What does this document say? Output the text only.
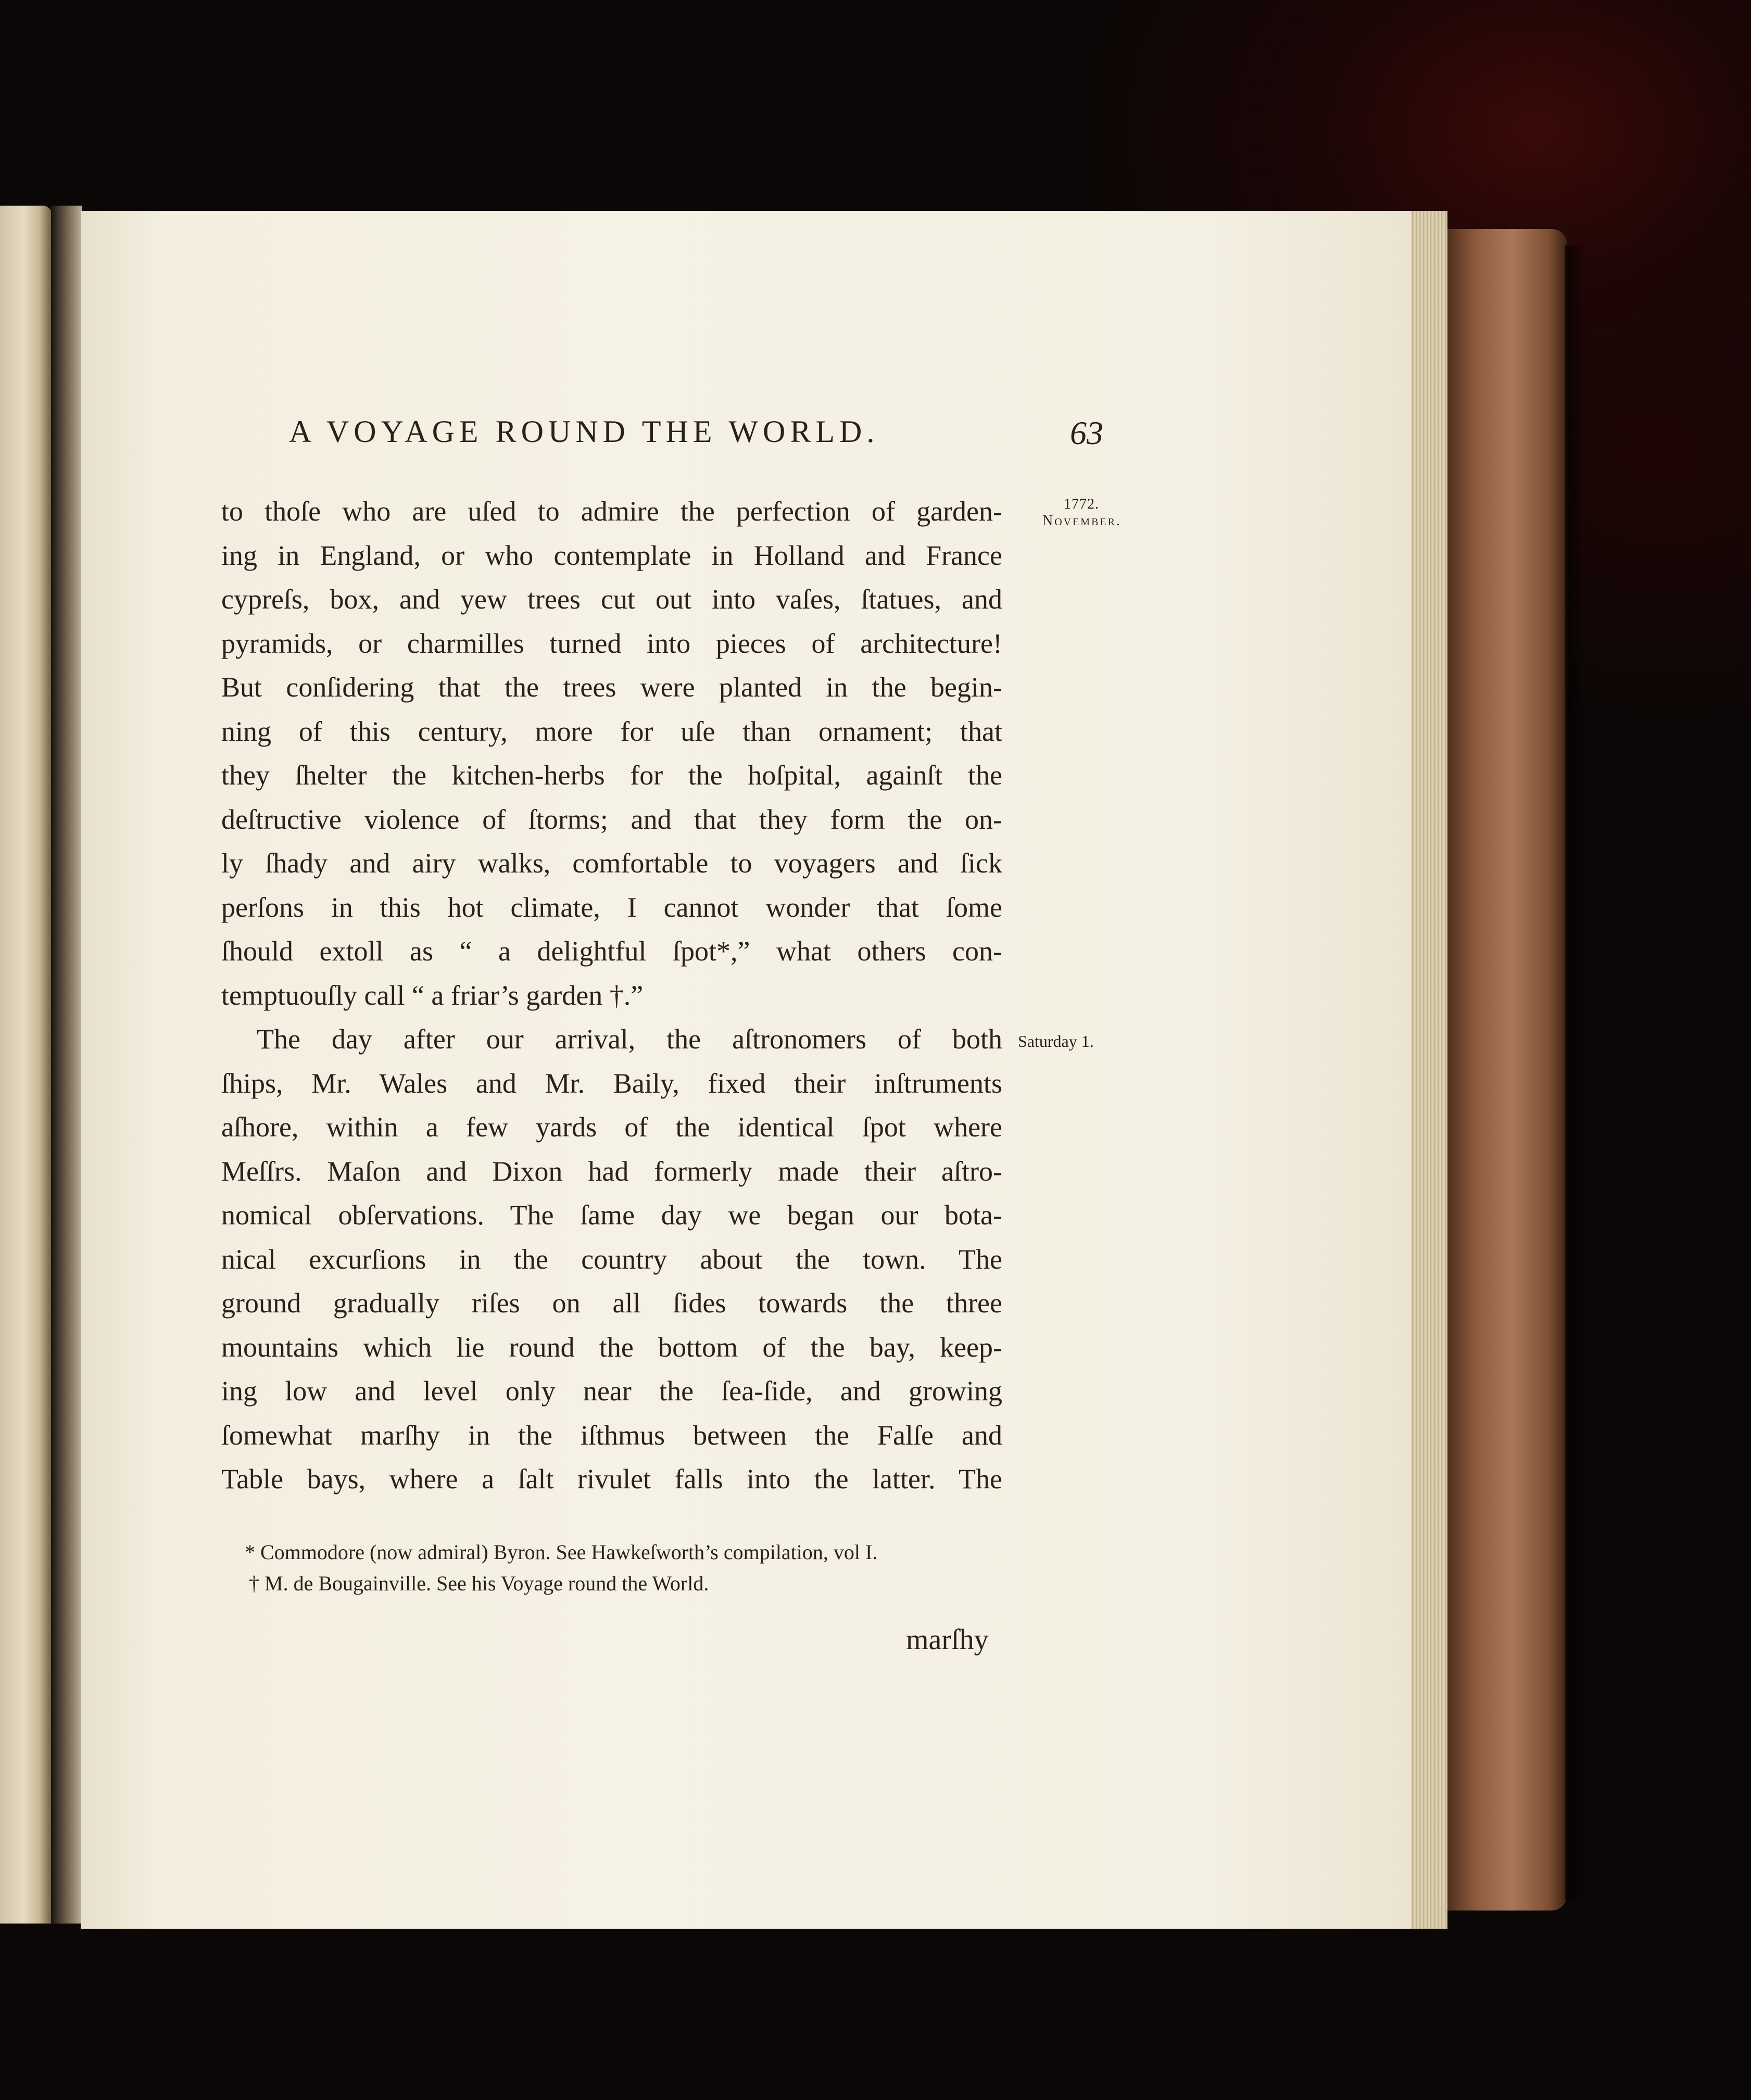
A VOYAGE ROUND THE WORLD.	63
1772.
November.
Saturday 1.
to thoſe who are uſed to admire the perfection of garden-
ing in England, or who contemplate in Holland and France
cypreſs, box, and yew trees cut out into vaſes, ſtatues, and
pyramids, or charmilles turned into pieces of architecture!
But conſidering that the trees were planted in the begin-
ning of this century, more for uſe than ornament; that
they ſhelter the kitchen-herbs for the hoſpital, againſt the
deſtructive violence of ſtorms; and that they form the on-
ly ſhady and airy walks, comfortable to voyagers and ſick
perſons in this hot climate, I cannot wonder that ſome
ſhould extoll as “ a delightful ſpot*,” what others con-
temptuouſly call “ a friar’s garden †.”
The day after our arrival, the aſtronomers of both
ſhips, Mr. Wales and Mr. Baily, fixed their inſtruments
aſhore, within a few yards of the identical ſpot where
Meſſrs. Maſon and Dixon had formerly made their aſtro-
nomical obſervations. The ſame day we began our bota-
nical excurſions in the country about the town. The
ground gradually riſes on all ſides towards the three
mountains which lie round the bottom of the bay, keep-
ing low and level only near the ſea-ſide, and growing
ſomewhat marſhy in the iſthmus between the Falſe and
Table bays, where a ſalt rivulet falls into the latter. The
* Commodore (now admiral) Byron. See Hawkeſworth’s compilation, vol I.
† M. de Bougainville. See his Voyage round the World.
marſhy
